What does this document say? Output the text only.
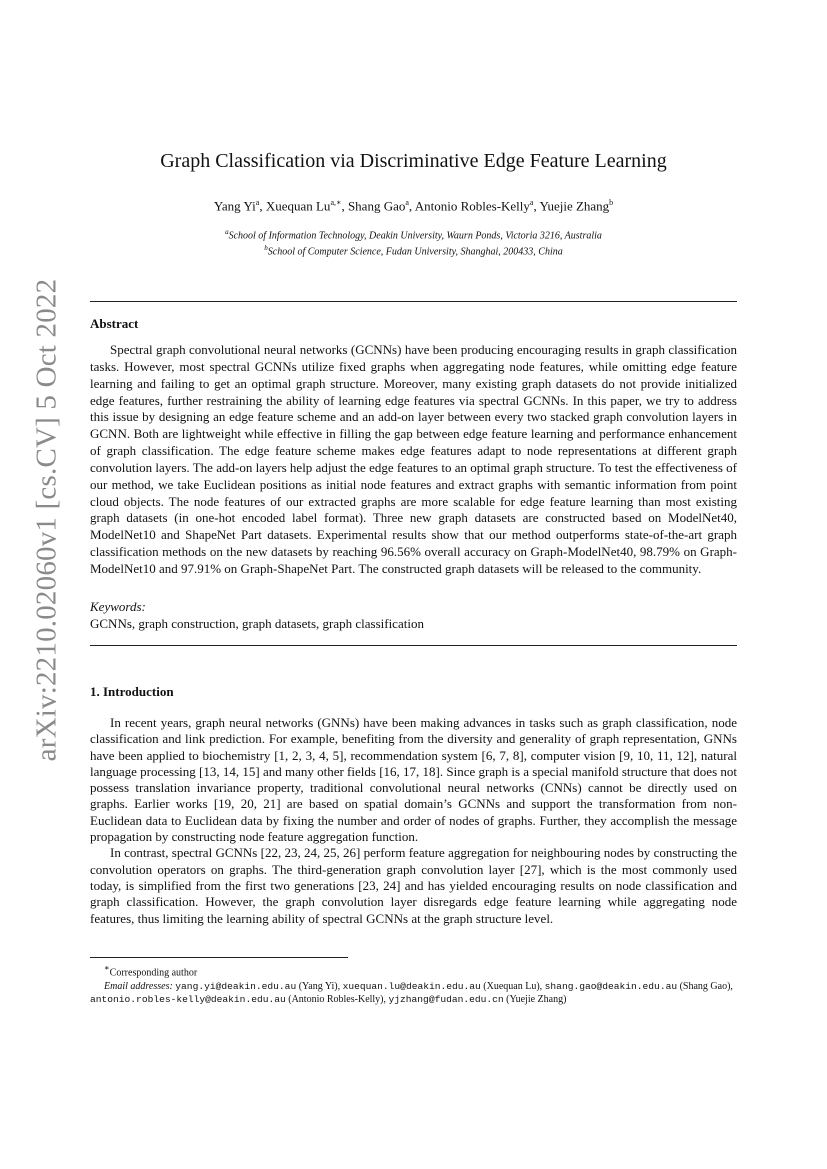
arXiv:2210.02060v1 [cs.CV] 5 Oct 2022
Graph Classification via Discriminative Edge Feature Learning
Yang Yi$^a$, Xuequan $Lu^{a,∗}$, Shang Gao$^a$, Antonio Robles-Kelly$^a$, Yuejie Zhang$^b$
$^a$School of Information Technology, Deakin University, Waurn Ponds, Victoria 3216, Australia
$^b$School of Computer Science, Fudan University, Shanghai, 200433, China
Abstract
Spectral graph convolutional neural networks (GCNNs) have been producing encouraging results in graph classification tasks. However, most spectral GCNNs utilize fixed graphs when aggregating node features, while omitting edge feature learning and failing to get an optimal graph structure. Moreover, many existing graph datasets do not provide initialized edge features, further restraining the ability of learning edge features via spectral GCNNs. In this paper, we try to address this issue by designing an edge feature scheme and an add-on layer between every two stacked graph convolution layers in GCNN. Both are lightweight while effective in filling the gap between edge feature learning and performance enhancement of graph classification. The edge feature scheme makes edge features adapt to node representations at different graph convolution layers. The add-on layers help adjust the edge features to an optimal graph structure. To test the effectiveness of our method, we take Euclidean positions as initial node features and extract graphs with semantic information from point cloud objects. The node features of our extracted graphs are more scalable for edge feature learning than most existing graph datasets (in one-hot encoded label format). Three new graph datasets are constructed based on ModelNet40, ModelNet10 and ShapeNet Part datasets. Experimental results show that our method outperforms state-of-the-art graph classification methods on the new datasets by reaching 96.56% overall accuracy on Graph-ModelNet40, 98.79% on Graph-ModelNet10 and 97.91% on Graph-ShapeNet Part. The constructed graph datasets will be released to the community.
Keywords:
GCNNs, graph construction, graph datasets, graph classification
1. Introduction

In recent years, graph neural networks (GNNs) have been making advances in tasks such as graph classification, node classification and link prediction. For example, benefiting from the diversity and generality of graph representation, GNNs have been applied to biochemistry [1, 2, 3, 4, 5], recommendation system [6, 7, 8], computer vision [9, 10, 11, 12], natural language processing [13, 14, 15] and many other fields [16, 17, 18]. Since graph is a special manifold structure that does not possess translation invariance property, traditional convolutional neural networks (CNNs) cannot be directly used on graphs. Earlier works [19, 20, 21] are based on spatial domain’s GCNNs and support the transformation from non-Euclidean data to Euclidean data by fixing the number and order of nodes of graphs. Further, they accomplish the message propagation by constructing node feature aggregation function.

In contrast, spectral GCNNs [22, 23, 24, 25, 26] perform feature aggregation for neighbouring nodes by constructing the convolution operators on graphs. The third-generation graph convolution layer [27], which is the most commonly used today, is simplified from the first two generations [23, 24] and has yielded encouraging results on node classification and graph classification. However, the graph convolution layer disregards edge feature learning while aggregating node features, thus limiting the learning ability of spectral GCNNs at the graph structure level.

∗Corresponding author
Email addresses: yang.yi@deakin.edu.au (Yang Yi), xuequan.lu@deakin.edu.au (Xuequan Lu), shang.gao@deakin.edu.au (Shang Gao), antonio.robles-kelly@deakin.edu.au (Antonio Robles-Kelly), yjzhang@fudan.edu.cn (Yuejie Zhang)
